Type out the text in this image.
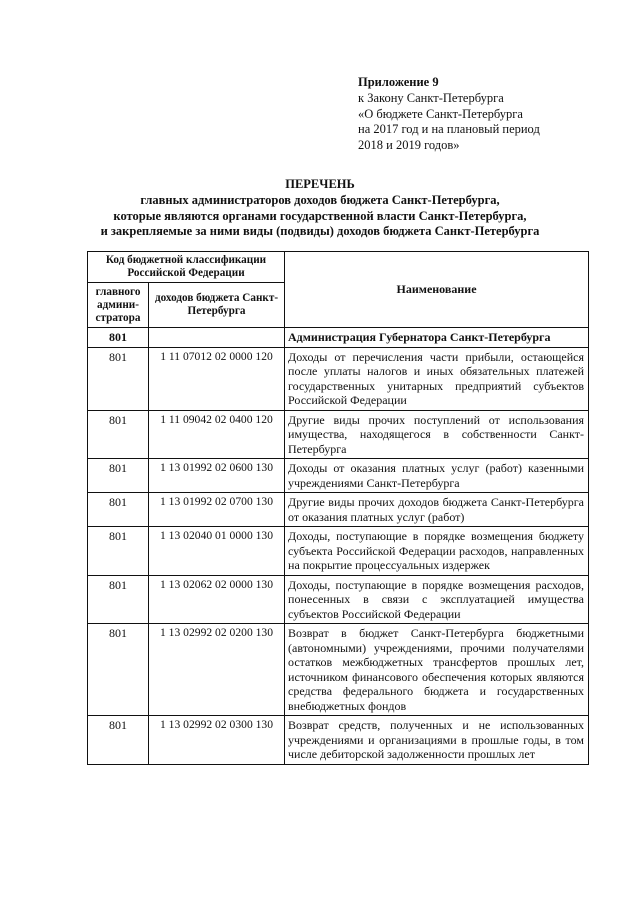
Приложение 9
к Закону Санкт-Петербурга
«О бюджете Санкт-Петербурга
на 2017 год и на плановый период
2018 и 2019 годов»
ПЕРЕЧЕНЬ
главных администраторов доходов бюджета Санкт-Петербурга,
которые являются органами государственной власти Санкт-Петербурга,
и закрепляемые за ними виды (подвиды) доходов бюджета Санкт-Петербурга
Код бюджетной классификации Российской Федерации		Наименование
главного админи-стратора	доходов бюджета Санкт-Петербурга	
801		Администрация Губернатора Санкт-Петербурга
801	1 11 07012 02 0000 120	Доходы от перечисления части прибыли, остающейся после уплаты налогов и иных обязательных платежей государственных унитарных предприятий субъектов Российской Федерации
801	1 11 09042 02 0400 120	Другие виды прочих поступлений от использования имущества, находящегося в собственности Санкт-Петербурга
801	1 13 01992 02 0600 130	Доходы от оказания платных услуг (работ) казенными учреждениями Санкт-Петербурга
801	1 13 01992 02 0700 130	Другие виды прочих доходов бюджета Санкт-Петербурга от оказания платных услуг (работ)
801	1 13 02040 01 0000 130	Доходы, поступающие в порядке возмещения бюджету субъекта Российской Федерации расходов, направленных на покрытие процессуальных издержек
801	1 13 02062 02 0000 130	Доходы, поступающие в порядке возмещения расходов, понесенных в связи с эксплуатацией имущества субъектов Российской Федерации
801	1 13 02992 02 0200 130	Возврат в бюджет Санкт-Петербурга бюджетными (автономными) учреждениями, прочими получателями остатков межбюджетных трансфертов прошлых лет, источником финансового обеспечения которых являются средства федерального бюджета и государственных внебюджетных фондов
801	1 13 02992 02 0300 130	Возврат средств, полученных и не использованных учреждениями и организациями в прошлые годы, в том числе дебиторской задолженности прошлых лет
